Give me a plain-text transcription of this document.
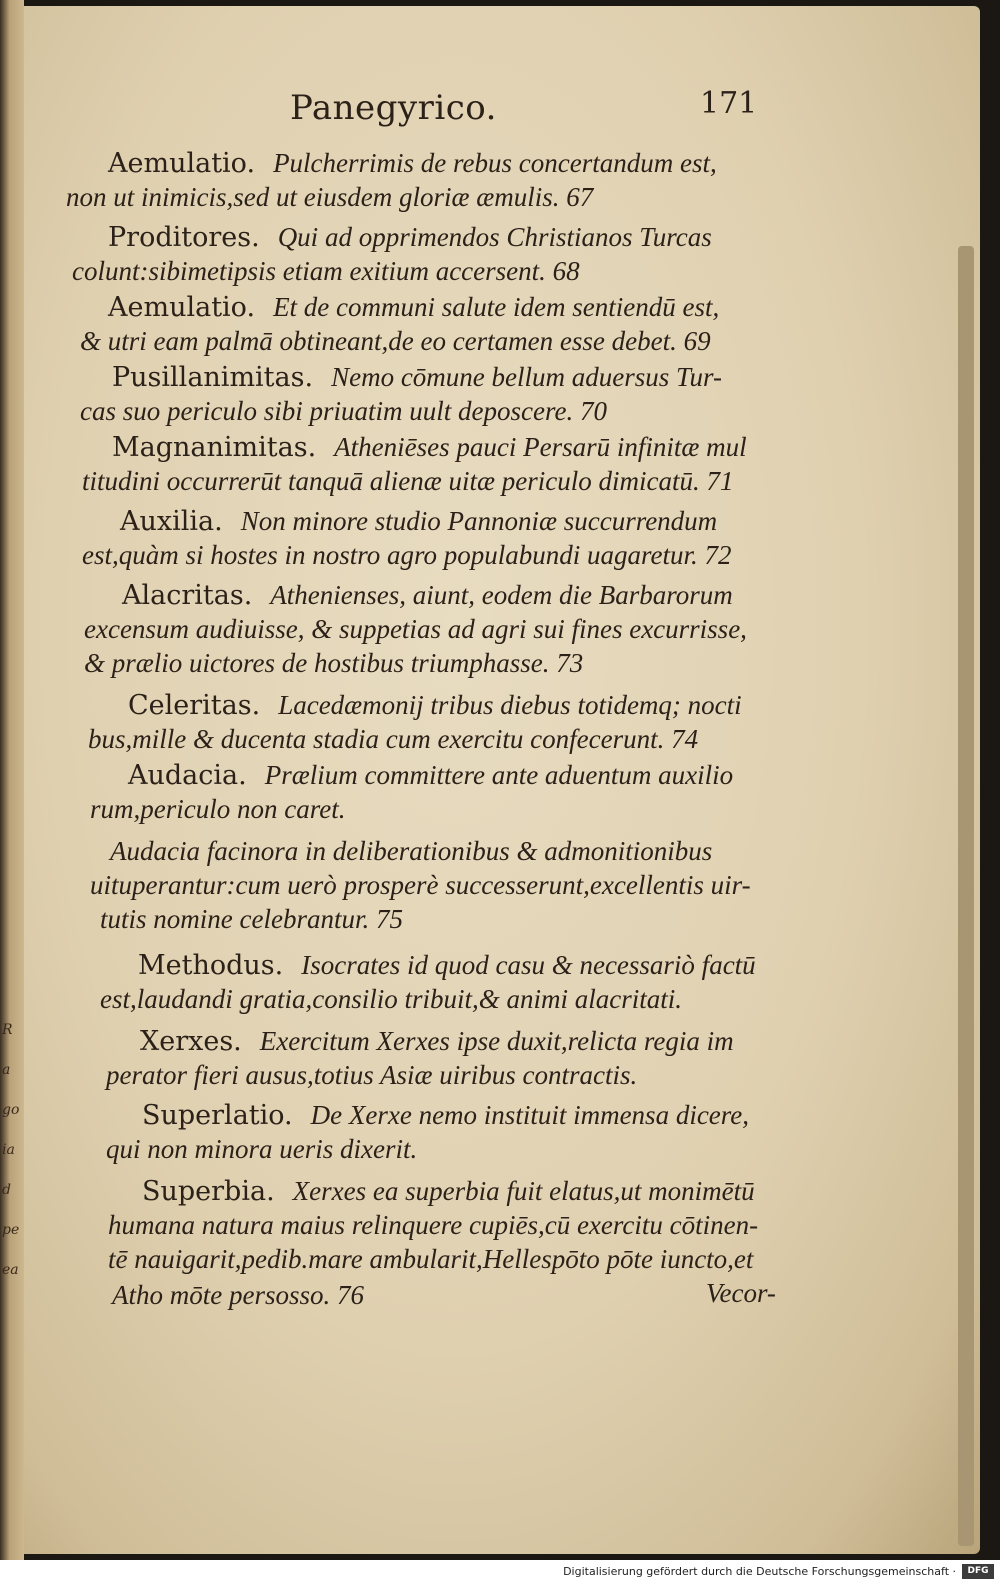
R
a
go
ia
d
pe
ea
Panegyrico.	171
Aemulatio. Pulcherrimis de rebus concertandum est,
non ut inimicis,sed ut eiusdem gloriæ æmulis. 67
Proditores. Qui ad opprimendos Christianos Turcas
colunt:sibimetipsis etiam exitium accersent. 68
Aemulatio. Et de communi salute idem sentiendū est,
& utri eam palmā obtineant,de eo certamen esse debet. 69
Pusillanimitas. Nemo cōmune bellum aduersus Tur-
cas suo periculo sibi priuatim uult deposcere. 70
Magnanimitas. Atheniēses pauci Persarū infinitæ mul
titudini occurrerūt tanquā alienæ uitæ periculo dimicatū. 71
Auxilia. Non minore studio Pannoniæ succurrendum
est,quàm si hostes in nostro agro populabundi uagaretur. 72
Alacritas. Athenienses, aiunt, eodem die Barbarorum
excensum audiuisse, & suppetias ad agri sui fines excurrisse,
& prælio uictores de hostibus triumphasse. 73
Celeritas. Lacedæmonij tribus diebus totidemq; nocti
bus,mille & ducenta stadia cum exercitu confecerunt. 74
Audacia. Prælium committere ante aduentum auxilio
rum,periculo non caret.
Audacia facinora in deliberationibus & admonitionibus
uituperantur:cum uerò prosperè successerunt,excellentis uir-
tutis nomine celebrantur. 75
Methodus. Isocrates id quod casu & necessariò factū
est,laudandi gratia,consilio tribuit,& animi alacritati.
Xerxes. Exercitum Xerxes ipse duxit,relicta regia im
perator fieri ausus,totius Asiæ uiribus contractis.
Superlatio. De Xerxe nemo instituit immensa dicere,
qui non minora ueris dixerit.
Superbia. Xerxes ea superbia fuit elatus,ut monimētū
humana natura maius relinquere cupiēs,cū exercitu cōtinen-
tē nauigarit,pedib.mare ambularit,Hellespōto pōte iuncto,et
Atho mōte persosso. 76	Vecor-
Digitalisierung gefördert durch die Deutsche Forschungsgemeinschaft ·	DFG
